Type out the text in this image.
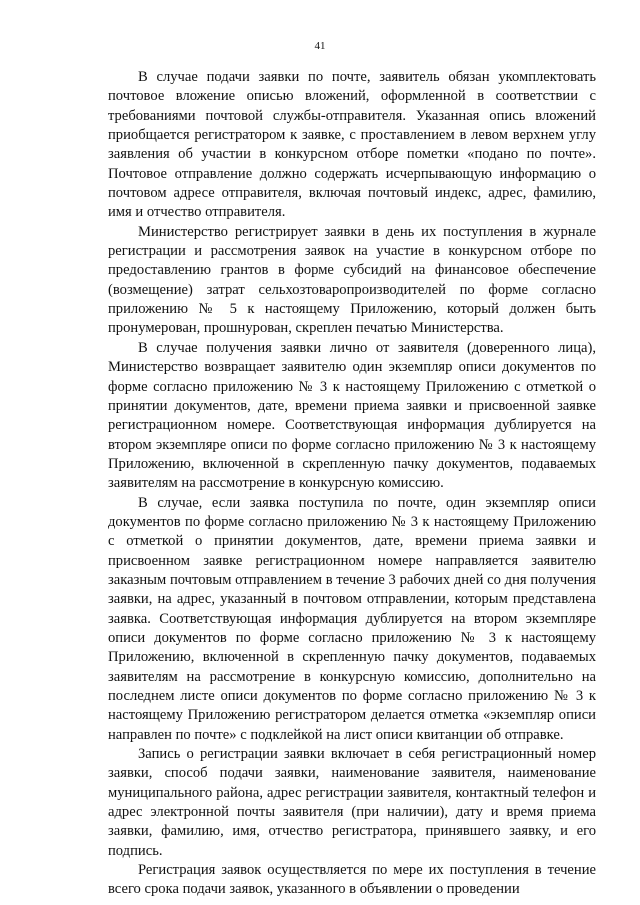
41

В случае подачи заявки по почте, заявитель обязан укомплектовать почтовое вложение описью вложений, оформленной в соответствии с требованиями почтовой службы-отправителя. Указанная опись вложений приобщается регистратором к заявке, с проставлением в левом верхнем углу заявления об участии в конкурсном отборе пометки «подано по почте». Почтовое отправление должно содержать исчерпывающую информацию о почтовом адресе отправителя, включая почтовый индекс, адрес, фамилию, имя и отчество отправителя.

Министерство регистрирует заявки в день их поступления в журнале регистрации и рассмотрения заявок на участие в конкурсном отборе по предоставлению грантов в форме субсидий на финансовое обеспечение (возмещение) затрат сельхозтоваропроизводителей по форме согласно приложению № 5 к настоящему Приложению, который должен быть пронумерован, прошнурован, скреплен печатью Министерства.

В случае получения заявки лично от заявителя (доверенного лица), Министерство возвращает заявителю один экземпляр описи документов по форме согласно приложению № 3 к настоящему Приложению с отметкой о принятии документов, дате, времени приема заявки и присвоенной заявке регистрационном номере. Соответствующая информация дублируется на втором экземпляре описи по форме согласно приложению № 3 к настоящему Приложению, включенной в скрепленную пачку документов, подаваемых заявителям на рассмотрение в конкурсную комиссию.

В случае, если заявка поступила по почте, один экземпляр описи документов по форме согласно приложению № 3 к настоящему Приложению с отметкой о принятии документов, дате, времени приема заявки и присвоенном заявке регистрационном номере направляется заявителю заказным почтовым отправлением в течение 3 рабочих дней со дня получения заявки, на адрес, указанный в почтовом отправлении, которым представлена заявка. Соответствующая информация дублируется на втором экземпляре описи документов по форме согласно приложению № 3 к настоящему Приложению, включенной в скрепленную пачку документов, подаваемых заявителям на рассмотрение в конкурсную комиссию, дополнительно на последнем листе описи документов по форме согласно приложению № 3 к настоящему Приложению регистратором делается отметка «экземпляр описи направлен по почте» с подклейкой на лист описи квитанции об отправке.

Запись о регистрации заявки включает в себя регистрационный номер заявки, способ подачи заявки, наименование заявителя, наименование муниципального района, адрес регистрации заявителя, контактный телефон и адрес электронной почты заявителя (при наличии), дату и время приема заявки, фамилию, имя, отчество регистратора, принявшего заявку, и его подпись.

Регистрация заявок осуществляется по мере их поступления в течение всего срока подачи заявок, указанного в объявлении о проведении
